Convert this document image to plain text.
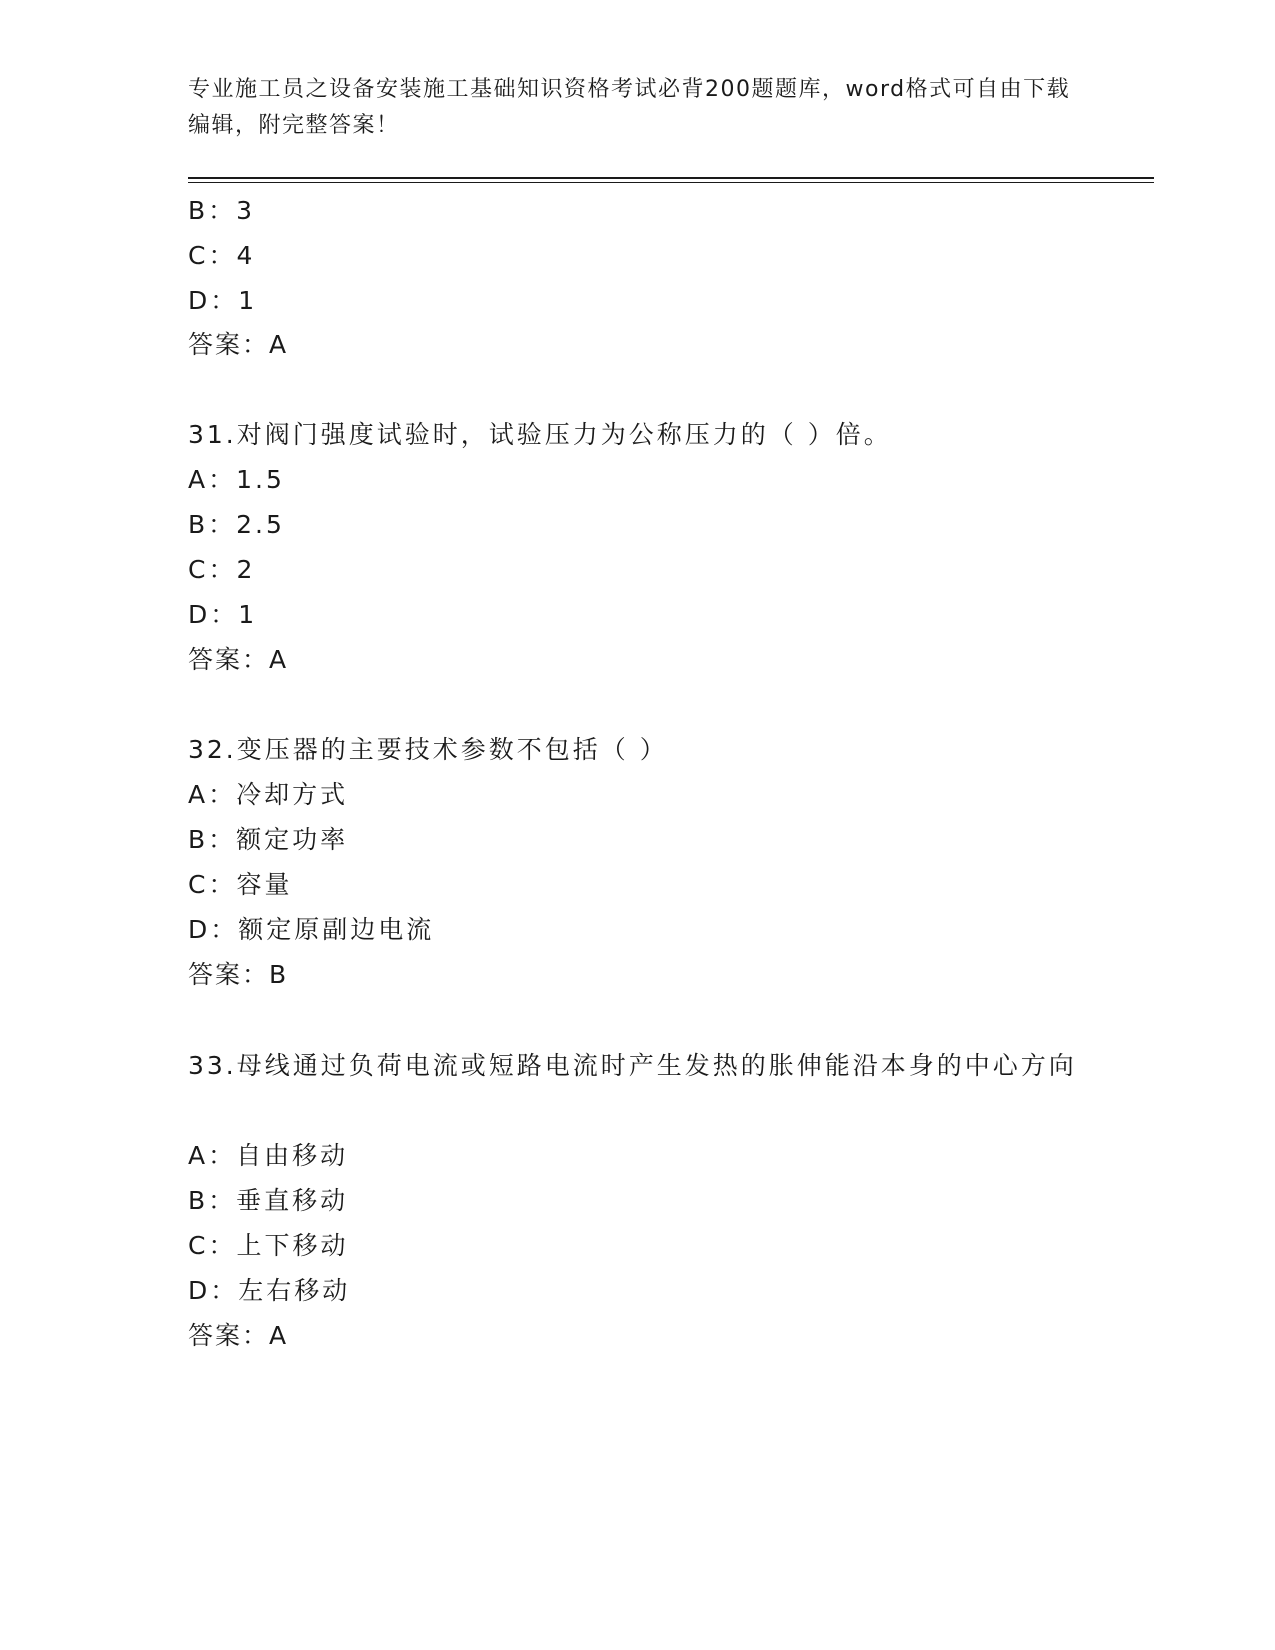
专业施工员之设备安装施工基础知识资格考试必背200题题库，word格式可自由下载编辑，附完整答案！
B：3
C：4
D：1
答案：A
31.对阀门强度试验时，试验压力为公称压力的（ ）倍。
A：1.5
B：2.5
C：2
D：1
答案：A
32.变压器的主要技术参数不包括（ ）
A：冷却方式
B：额定功率
C：容量
D：额定原副边电流
答案：B
33.母线通过负荷电流或短路电流时产生发热的胀伸能沿本身的中心方向
A：自由移动
B：垂直移动
C：上下移动
D：左右移动
答案：A
